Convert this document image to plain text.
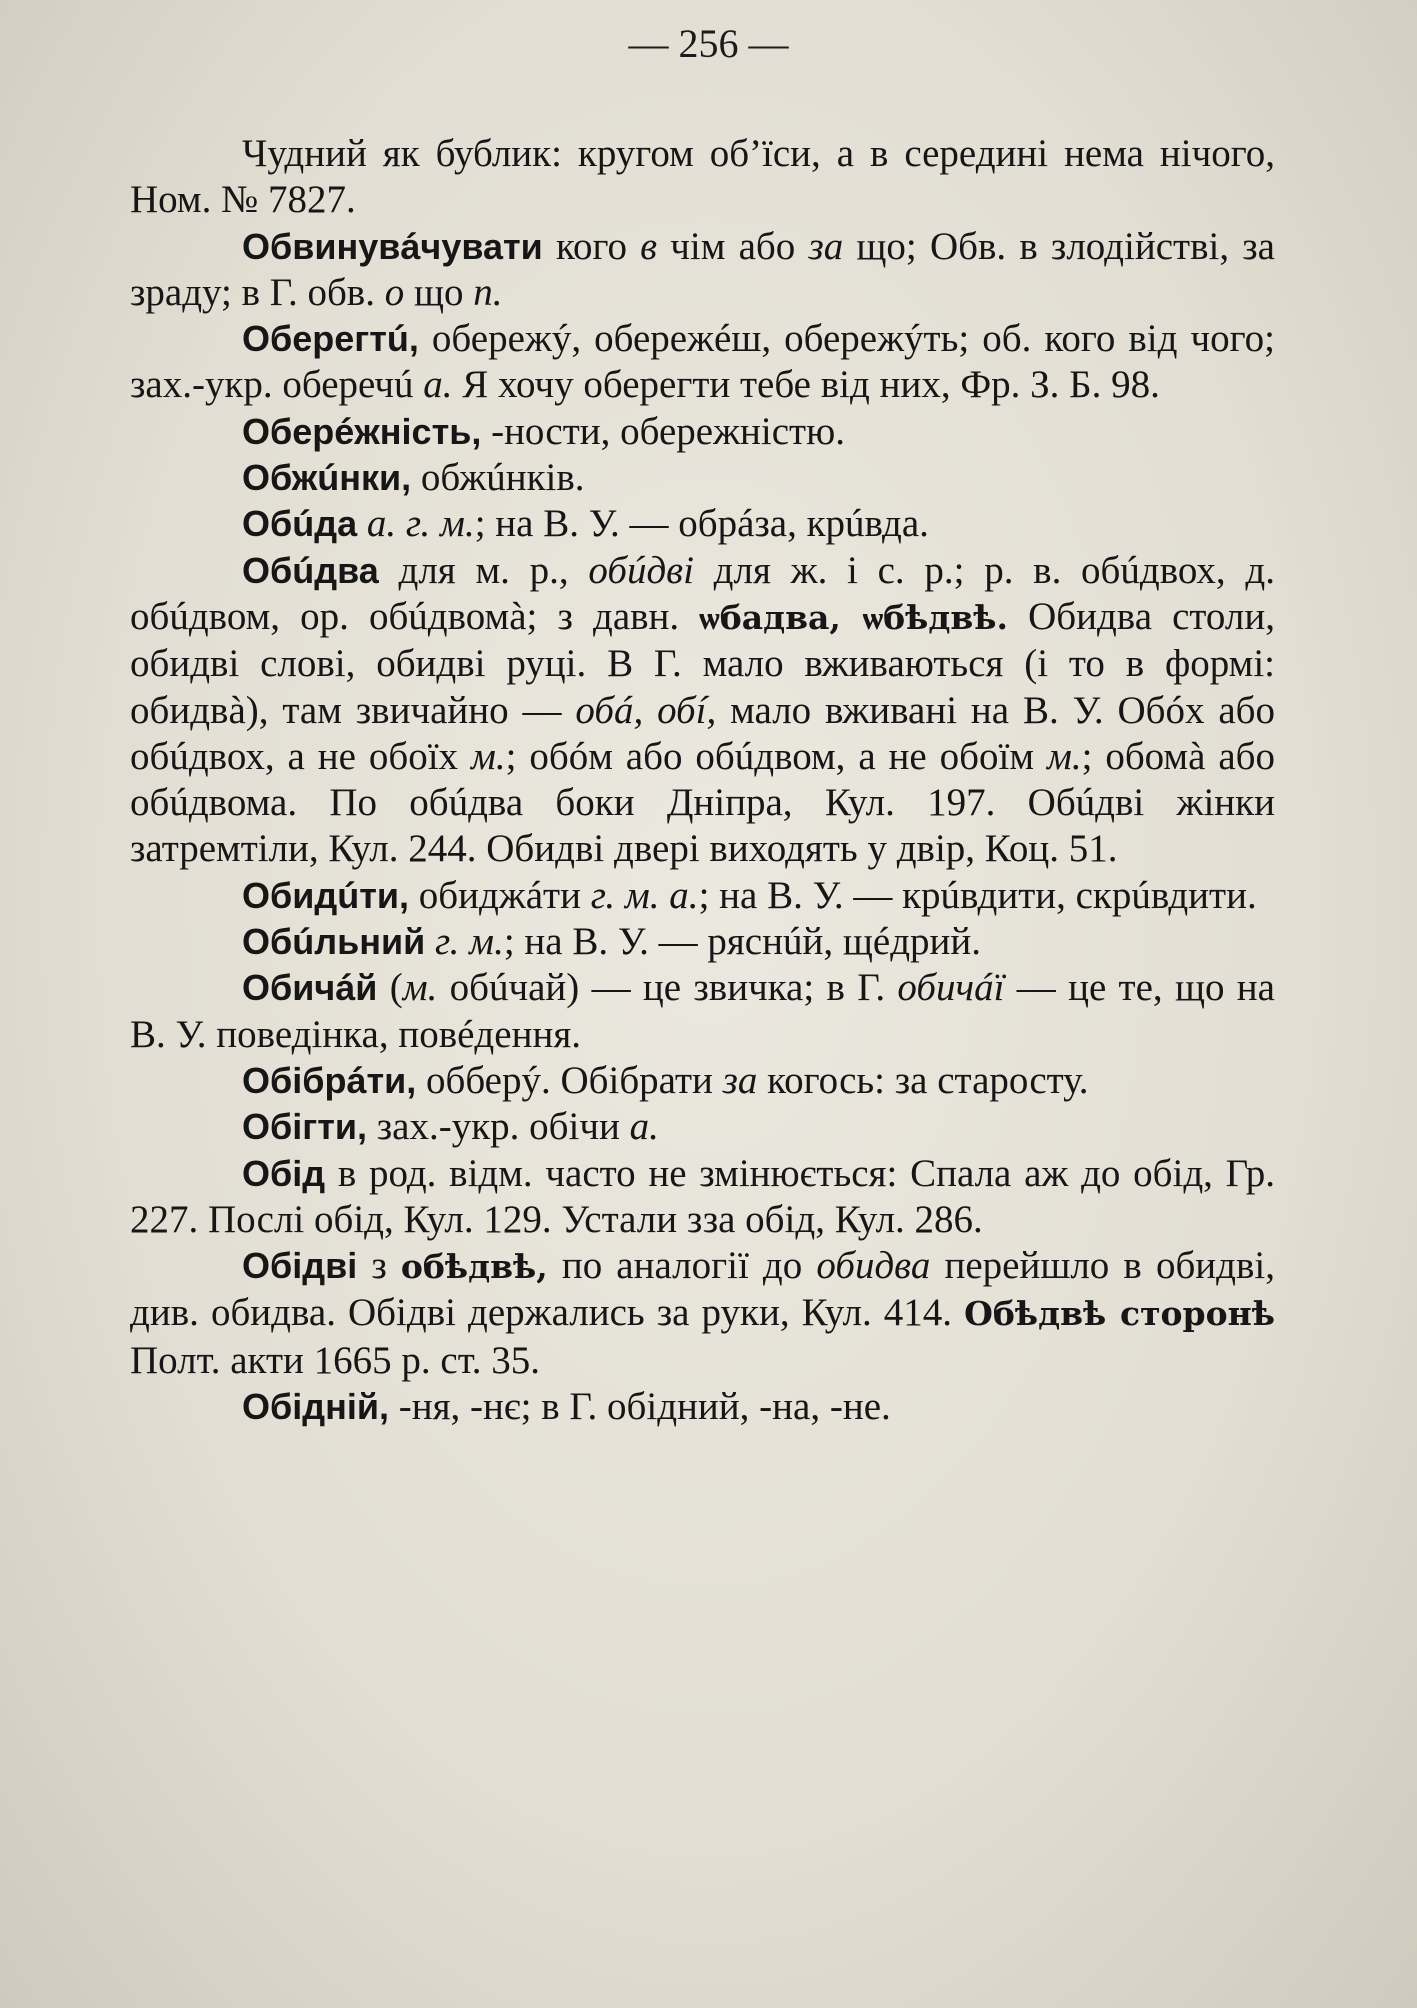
— 256 —

Чудний як бублик: кругом об’їси, а в середині нема нічого, Ном. № 7827.

Обвинувáчувати кого в чім або за що; Обв. в злодійстві, за зраду; в Г. обв. о що п.

Оберегтú, обережý, обережéш, обережýть; об. кого від чого; зах.-укр. оберечú а. Я хочу оберегти тебе від них, Фр. З. Б. 98.

Оберéжність, -ности, обережністю.

Обжúнки, обжúнків.

Обúда а. г. м.; на В. У. — обрáза, крúвда.

Обúдва для м. р., обúдві для ж. і с. р.; р. в. обúдвох, д. обúдвом, ор. обúдвомà; з давн. ѡбадва, ѡбѣдвѣ. Обидва столи, обидві слові, обидві руці. В Г. мало вживаються (і то в формі: обидвà), там звичайно — обá, обí, мало вживані на В. У. Обóх або обúдвох, а не обоїх м.; обóм або обúдвом, а не обоїм м.; обомà або обúдвома. По обúдва боки Дніпра, Кул. 197. Обúдві жінки затремтіли, Кул. 244. Обидві двері виходять у двір, Коц. 51.

Обидúти, обиджáти г. м. а.; на В. У. — крúвдити, скрúвдити.

Обúльний г. м.; на В. У. — ряснúй, щéдрий.

Обичáй (м. обúчай) — це звичка; в Г. обичáї — це те, що на В. У. поведінка, повéдення.

Обібрáти, обберý. Обібрати за когось: за старосту.

Обігти, зах.-укр. обічи а.

Обід в род. відм. часто не змінюється: Спала аж до обід, Гр. 227. Послі обід, Кул. 129. Устали зза обід, Кул. 286.

Обідві з обѣдвѣ, по аналогії до обидва перейшло в обидві, див. обидва. Обідві держались за руки, Кул. 414. Обѣдвѣ сторонѣ Полт. акти 1665 р. ст. 35.

Обідній, -ня, -нє; в Г. обідний, -на, -не.
